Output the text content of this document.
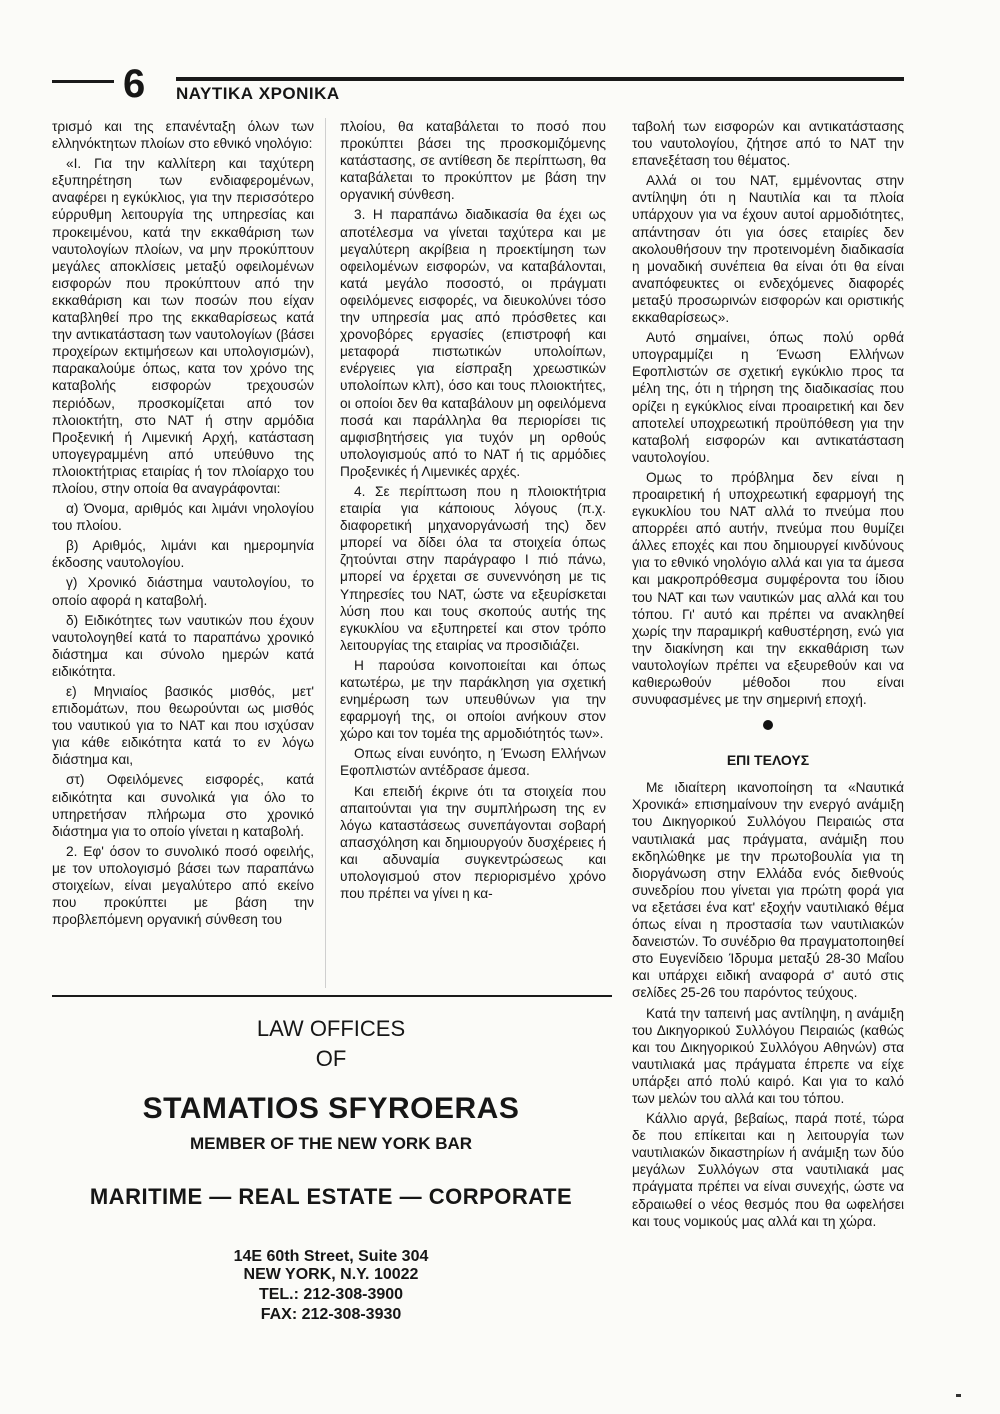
6 ΝΑΥΤΙΚΑ ΧΡΟΝΙΚΑ

τρισμό και της επανένταξη όλων των ελληνόκτητων πλοίων στο εθνικό νηολόγιο:

«Ι. Για την καλλίτερη και ταχύτερη εξυπηρέτηση των ενδιαφερομένων, αναφέρει η εγκύκλιος, για την περισσότερο εύρρυθμη λειτουργία της υπηρεσίας και προκειμένου, κατά την εκκαθάριση των ναυτολογίων πλοίων, να μην προκύπτουν μεγάλες αποκλίσεις μεταξύ οφειλομένων εισφορών που προκύπτουν από την εκκαθάριση και των ποσών που είχαν καταβληθεί προ της εκκαθαρίσεως κατά την αντικατάσταση των ναυτολογίων (βάσει προχείρων εκτιμήσεων και υπολογισμών), παρακαλούμε όπως, κατα τον χρόνο της καταβολής εισφορών τρεχουσών περιόδων, προσκομίζεται από τον πλοιοκτήτη, στο ΝΑΤ ή στην αρμόδια Προξενική ή Λιμενική Αρχή, κατάσταση υπογεγραμμένη από υπεύθυνο της πλοιοκτήτριας εταιρίας ή τον πλοίαρχο του πλοίου, στην οποία θα αναγράφονται:

α) Όνομα, αριθμός και λιμάνι νηολογίου του πλοίου.

β) Αριθμός, λιμάνι και ημερομηνία έκδοσης ναυτολογίου.

γ) Χρονικό διάστημα ναυτολογίου, το οποίο αφορά η καταβολή.

δ) Ειδικότητες των ναυτικών που έχουν ναυτολογηθεί κατά το παραπάνω χρονικό διάστημα και σύνολο ημερών κατά ειδικότητα.

ε) Μηνιαίος βασικός μισθός, μετ' επιδομάτων, που θεωρούνται ως μισθός του ναυτικού για το ΝΑΤ και που ισχύσαν για κάθε ειδικότητα κατά το εν λόγω διάστημα και,

στ) Οφειλόμενες εισφορές, κατά ειδικότητα και συνολικά για όλο το υπηρετήσαν πλήρωμα στο χρονικό διάστημα για το οποίο γίνεται η καταβολή.

2. Εφ' όσον το συνολικό ποσό οφειλής, με τον υπολογισμό βάσει των παραπάνω στοιχείων, είναι μεγαλύτερο από εκείνο που προκύπτει με βάση την προβλεπόμενη οργανική σύνθεση του

πλοίου, θα καταβάλεται το ποσό που προκύπτει βάσει της προσκομιζόμενης κατάστασης, σε αντίθεση δε περίπτωση, θα καταβάλεται το προκύπτον με βάση την οργανική σύνθεση.

3. Η παραπάνω διαδικασία θα έχει ως αποτέλεσμα να γίνεται ταχύτερα και με μεγαλύτερη ακρίβεια η προεκτίμηση των οφειλομένων εισφορών, να καταβάλονται, κατά μεγάλο ποσοστό, οι πράγματι οφειλόμενες εισφορές, να διευκολύνει τόσο την υπηρεσία μας από πρόσθετες και χρονοβόρες εργασίες (επιστροφή και μεταφορά πιστωτικών υπολοίπων, ενέργειες για είσπραξη χρεωστικών υπολοίπων κλπ), όσο και τους πλοιοκτήτες, οι οποίοι δεν θα καταβάλουν μη οφειλόμενα ποσά και παράλληλα θα περιορίσει τις αμφισβητήσεις για τυχόν μη ορθούς υπολογισμούς από το ΝΑΤ ή τις αρμόδιες Προξενικές ή Λιμενικές αρχές.

4. Σε περίπτωση που η πλοιοκτήτρια εταιρία για κάποιους λόγους (π.χ. διαφορετική μηχανοργάνωσή της) δεν μπορεί να δίδει όλα τα στοιχεία όπως ζητούνται στην παράγραφο Ι πιό πάνω, μπορεί να έρχεται σε συνεννόηση με τις Υπηρεσίες του ΝΑΤ, ώστε να εξευρίσκεται λύση που και τους σκοπούς αυτής της εγκυκλίου να εξυπηρετεί και στον τρόπο λειτουργίας της εταιρίας να προσιδιάζει.

Η παρούσα κοινοποιείται και όπως κατωτέρω, με την παράκληση για σχετική ενημέρωση των υπευθύνων για την εφαρμογή της, οι οποίοι ανήκουν στον χώρο και τον τομέα της αρμοδιότητός των».

Οπως είναι ευνόητο, η Ένωση Ελλήνων Εφοπλιστών αντέδρασε άμεσα.

Και επειδή έκρινε ότι τα στοιχεία που απαιτούνται για την συμπλήρωση της εν λόγω καταστάσεως συνεπάγονται σοβαρή απασχόληση και δημιουργούν δυσχέρειες ή και αδυναμία συγκεντρώσεως και υπολογισμού στον περιορισμένο χρόνο που πρέπει να γίνει η κα-

ταβολή των εισφορών και αντικατάστασης του ναυτολογίου, ζήτησε από το ΝΑΤ την επανεξέταση του θέματος.

Αλλά οι του ΝΑΤ, εμμένοντας στην αντίληψη ότι η Ναυτιλία και τα πλοία υπάρχουν για να έχουν αυτοί αρμοδιότητες, απάντησαν ότι για όσες εταιρίες δεν ακολουθήσουν την προτεινομένη διαδικασία η μοναδική συνέπεια θα είναι ότι θα είναι αναπόφευκτες οι ενδεχόμενες διαφορές μεταξύ προσωρινών εισφορών και οριστικής εκκαθαρίσεως».

Αυτό σημαίνει, όπως πολύ ορθά υπογραμμίζει η Ένωση Ελλήνων Εφοπλιστών σε σχετική εγκύκλιο προς τα μέλη της, ότι η τήρηση της διαδικασίας που ορίζει η εγκύκλιος είναι προαιρετική και δεν αποτελεί υποχρεωτική προϋπόθεση για την καταβολή εισφορών και αντικατάσταση ναυτολογίου.

Ομως το πρόβλημα δεν είναι η προαιρετική ή υποχρεωτική εφαρμογή της εγκυκλίου του ΝΑΤ αλλά το πνεύμα που απορρέει από αυτήν, πνεύμα που θυμίζει άλλες εποχές και που δημιουργεί κινδύνους για το εθνικό νηολόγιο αλλά και για τα άμεσα και μακροπρόθεσμα συμφέροντα του ίδιου του ΝΑΤ και των ναυτικών μας αλλά και του τόπου. Γι' αυτό και πρέπει να ανακληθεί χωρίς την παραμικρή καθυστέρηση, ενώ για την διακίνηση και την εκκαθάριση των ναυτολογίων πρέπει να εξευρεθούν και να καθιερωθούν μέθοδοι που είναι συνυφασμένες με την σημερινή εποχή.

ΕΠΙ ΤΕΛΟΥΣ

Με ιδιαίτερη ικανοποίηση τα «Ναυτικά Χρονικά» επισημαίνουν την ενεργό ανάμιξη του Δικηγορικού Συλλόγου Πειραιώς στα ναυτιλιακά μας πράγματα, ανάμιξη που εκδηλώθηκε με την πρωτοβουλία για τη διοργάνωση στην Ελλάδα ενός διεθνούς συνεδρίου που γίνεται για πρώτη φορά για να εξετάσει ένα κατ' εξοχήν ναυτιλιακό θέμα όπως είναι η προστασία των ναυτιλιακών δανειστών. Το συνέδριο θα πραγματοποιηθεί στο Ευγενίδειο Ίδρυμα μεταξύ 28-30 Μαΐου και υπάρχει ειδική αναφορά σ' αυτό στις σελίδες 25-26 του παρόντος τεύχους.

Κατά την ταπεινή μας αντίληψη, η ανάμιξη του Δικηγορικού Συλλόγου Πειραιώς (καθώς και του Δικηγορικού Συλλόγου Αθηνών) στα ναυτιλιακά μας πράγματα έπρεπε να είχε υπάρξει από πολύ καιρό. Και για το καλό των μελών του αλλά και του τόπου.

Κάλλιο αργά, βεβαίως, παρά ποτέ, τώρα δε που επίκειται και η λειτουργία των ναυτιλιακών δικαστηρίων ή ανάμιξη των δύο μεγάλων Συλλόγων στα ναυτιλιακά μας πράγματα πρέπει να είναι συνεχής, ώστε να εδραιωθεί ο νέος θεσμός που θα ωφελήσει και τους νομικούς μας αλλά και τη χώρα.

LAW OFFICES
OF
STAMATIOS SFYROERAS
MEMBER OF THE NEW YORK BAR
MARITIME — REAL ESTATE — CORPORATE
14E 60th Street, Suite 304
NEW YORK, N.Y. 10022
TEL.: 212-308-3900
FAX: 212-308-3930
